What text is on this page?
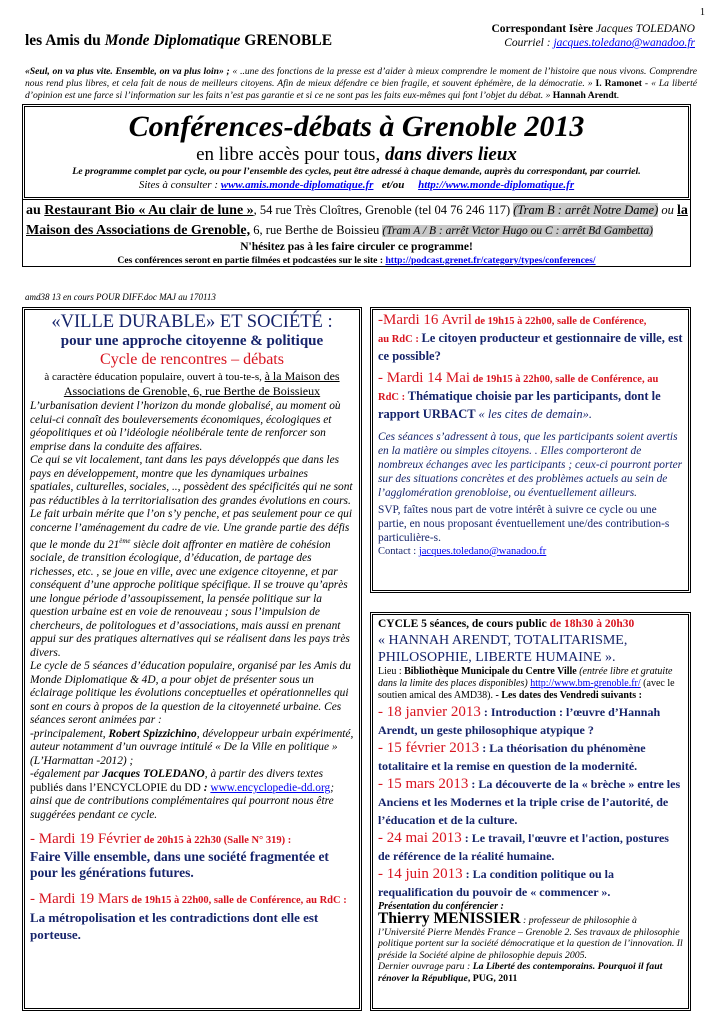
1
les Amis du Monde Diplomatique GRENOBLE
Correspondant Isère Jacques TOLEDANO
Courriel : jacques.toledano@wanadoo.fr
«Seul, on va plus vite. Ensemble, on va plus loin» ; « ..une des fonctions de la presse est d’aider à mieux comprendre le moment de l’histoire que nous vivons. Comprendre nous rend plus libres, et cela fait de nous de meilleurs citoyens. Afin de mieux défendre ce bien fragile, et souvent éphémère, de la démocratie. » I. Ramonet - « La liberté d’opinion est une farce si l’information sur les faits n’est pas garantie et si ce ne sont pas les faits eux-mêmes qui font l’objet du débat. » Hannah Arendt.
Conférences-débats à Grenoble 2013
en libre accès pour tous, dans divers lieux
Le programme complet par cycle, ou pour l’ensemble des cycles, peut être adressé à chaque demande, auprès du correspondant, par courriel.
Sites à consulter : www.amis.monde-diplomatique.fr et/ou http://www.monde-diplomatique.fr
au Restaurant Bio « Au clair de lune », 54 rue Très Cloîtres, Grenoble (tel 04 76 246 117) (Tram B : arrêt Notre Dame) ou la
Maison des Associations de Grenoble, 6, rue Berthe de Boissieu (Tram A / B : arrêt Victor Hugo ou C : arrêt Bd Gambetta)
N'hésitez pas à les faire circuler ce programme!
Ces conférences seront en partie filmées et podcastées sur le site : http://podcast.grenet.fr/category/types/conferences/
amd38 13 en cours POUR DIFF.doc MAJ au 170113
«VILLE DURABLE» ET SOCIÉTÉ :
pour une approche citoyenne & politique
Cycle de rencontres – débats
à caractère éducation populaire, ouvert à tou-te-s, à la Maison des Associations de Grenoble, 6, rue Berthe de Boissieux

L’urbanisation devient l’horizon du monde globalisé, au moment où celui-ci connaît des bouleversements économiques, écologiques et géopolitiques et où l’idéologie néolibérale tente de renforcer son emprise dans la conduite des affaires.

Ce qui se vit localement, tant dans les pays développés que dans les pays en développement, montre que les dynamiques urbaines spatiales, culturelles, sociales, .., possèdent des spécificités qui ne sont pas réductibles à la territorialisation des grandes évolutions en cours. Le fait urbain mérite que l’on s’y penche, et pas seulement pour ce qui concerne l’aménagement du cadre de vie. Une grande partie des défis que le monde du 21ème siècle doit affronter en matière de cohésion sociale, de transition écologique, d’éducation, de partage des richesses, etc. , se joue en ville, avec une exigence citoyenne, et par conséquent d’une approche politique spécifique. Il se trouve qu’après une longue période d’assoupissement, la pensée politique sur la question urbaine est en voie de renouveau ; sous l’impulsion de chercheurs, de politologues et d’associations, mais aussi en prenant appui sur des pratiques alternatives qui se réalisent dans les pays très divers.

Le cycle de 5 séances d’éducation populaire, organisé par les Amis du Monde Diplomatique & 4D, a pour objet de présenter sous un éclairage politique les évolutions conceptuelles et opérationnelles qui sont en cours à propos de la question de la citoyenneté urbaine. Ces séances seront animées par :

-principalement, Robert Spizzichino, développeur urbain expérimenté, auteur notamment d’un ouvrage intitulé « De la Ville en politique » (L’Harmattan -2012) ;

-également par Jacques TOLEDANO, à partir des divers textes publiés dans l’ENCYCLOPIE du DD : www.encyclopedie-dd.org; ainsi que de contributions complémentaires qui pourront nous être suggérées pendant ce cycle.

- Mardi 19 Février de 20h15 à 22h30 (Salle N° 319) :
Faire Ville ensemble, dans une société fragmentée et pour les générations futures.
- Mardi 19 Mars de 19h15 à 22h00, salle de Conférence, au RdC : La métropolisation et les contradictions dont elle est porteuse.
-Mardi 16 Avril de 19h15 à 22h00, salle de Conférence,
au RdC : Le citoyen producteur et gestionnaire de ville, est ce possible?
- Mardi 14 Mai de 19h15 à 22h00, salle de Conférence, au
RdC : Thématique choisie par les participants, dont le rapport URBACT « les cites de demain».
Ces séances s’adressent à tous, que les participants soient avertis en la matière ou simples citoyens. . Elles comporteront de nombreux échanges avec les participants ; ceux-ci pourront porter sur des situations concrètes et des problèmes actuels au sein de l’agglomération grenobloise, ou éventuellement ailleurs.
SVP, faîtes nous part de votre intérêt à suivre ce cycle ou une partie, en nous proposant éventuellement une/des contribution-s particulière-s.
Contact : jacques.toledano@wanadoo.fr
CYCLE 5 séances, de cours public de 18h30 à 20h30
« HANNAH ARENDT, TOTALITARISME, PHILOSOPHIE, LIBERTE HUMAINE ».
Lieu : Bibliothèque Municipale du Centre Ville (entrée libre et gratuite dans la limite des places disponibles) http://www.bm-grenoble.fr/ (avec le soutien amical des AMD38). - Les dates des Vendredi suivants :
- 18 janvier 2013 : Introduction : l’œuvre d’Hannah Arendt, un geste philosophique atypique ?
- 15 février 2013 : La théorisation du phénomène totalitaire et la remise en question de la modernité.
- 15 mars 2013 : La découverte de la « brèche » entre les Anciens et les Modernes et la triple crise de l’autorité, de l’éducation et de la culture.
- 24 mai 2013 : Le travail, l'œuvre et l'action, postures de référence de la réalité humaine.
- 14 juin 2013 : La condition politique ou la requalification du pouvoir de « commencer ».
Présentation du conférencier :
Thierry MENISSIER : professeur de philosophie à l’Université Pierre Mendès France – Grenoble 2. Ses travaux de philosophie politique portent sur la société démocratique et la question de l’innovation. Il préside la Société alpine de philosophie depuis 2005.
Dernier ouvrage paru : La Liberté des contemporains. Pourquoi il faut rénover la République, PUG, 2011
